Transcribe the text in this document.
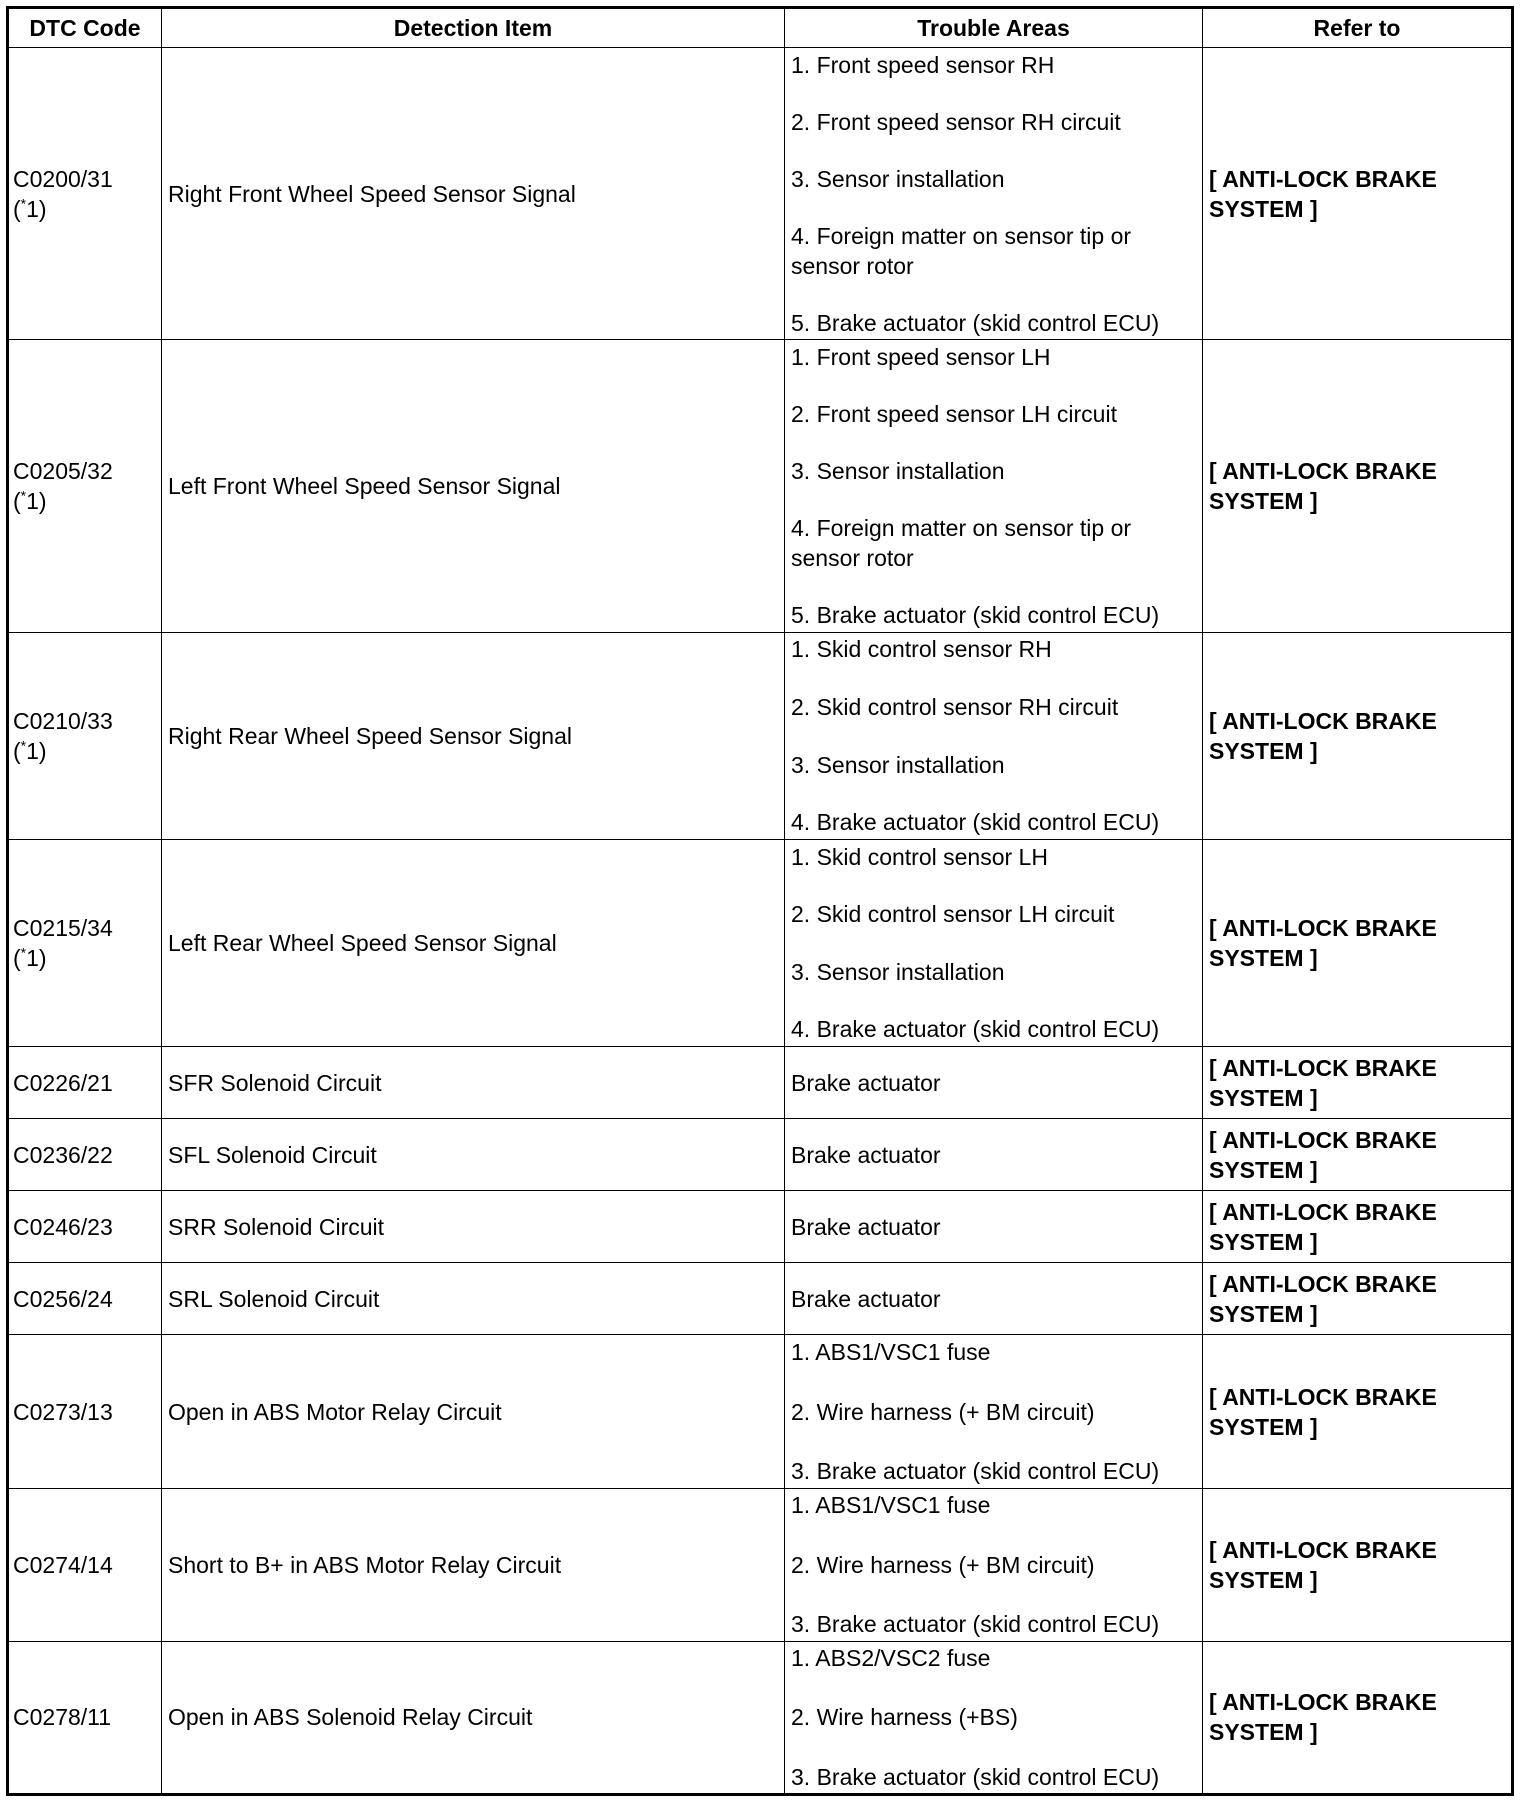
DTC Code	Detection Item	Trouble Areas	Refer to

C0200/31
(*1)	Right Front Wheel Speed Sensor Signal	1. Front speed sensor RH
2. Front speed sensor RH circuit
3. Sensor installation
4. Foreign matter on sensor tip or sensor rotor
5. Brake actuator (skid control ECU)	[ ANTI-LOCK BRAKE SYSTEM ]

C0205/32
(*1)	Left Front Wheel Speed Sensor Signal	1. Front speed sensor LH
2. Front speed sensor LH circuit
3. Sensor installation
4. Foreign matter on sensor tip or sensor rotor
5. Brake actuator (skid control ECU)	[ ANTI-LOCK BRAKE SYSTEM ]

C0210/33
(*1)	Right Rear Wheel Speed Sensor Signal	1. Skid control sensor RH
2. Skid control sensor RH circuit
3. Sensor installation
4. Brake actuator (skid control ECU)	[ ANTI-LOCK BRAKE SYSTEM ]

C0215/34
(*1)	Left Rear Wheel Speed Sensor Signal	1. Skid control sensor LH
2. Skid control sensor LH circuit
3. Sensor installation
4. Brake actuator (skid control ECU)	[ ANTI-LOCK BRAKE SYSTEM ]

C0226/21	SFR Solenoid Circuit	Brake actuator	[ ANTI-LOCK BRAKE SYSTEM ]

C0236/22	SFL Solenoid Circuit	Brake actuator	[ ANTI-LOCK BRAKE SYSTEM ]

C0246/23	SRR Solenoid Circuit	Brake actuator	[ ANTI-LOCK BRAKE SYSTEM ]

C0256/24	SRL Solenoid Circuit	Brake actuator	[ ANTI-LOCK BRAKE SYSTEM ]

C0273/13	Open in ABS Motor Relay Circuit	1. ABS1/VSC1 fuse
2. Wire harness (+ BM circuit)
3. Brake actuator (skid control ECU)	[ ANTI-LOCK BRAKE SYSTEM ]

C0274/14	Short to B+ in ABS Motor Relay Circuit	1. ABS1/VSC1 fuse
2. Wire harness (+ BM circuit)
3. Brake actuator (skid control ECU)	[ ANTI-LOCK BRAKE SYSTEM ]

C0278/11	Open in ABS Solenoid Relay Circuit	1. ABS2/VSC2 fuse
2. Wire harness (+BS)
3. Brake actuator (skid control ECU)	[ ANTI-LOCK BRAKE SYSTEM ]
